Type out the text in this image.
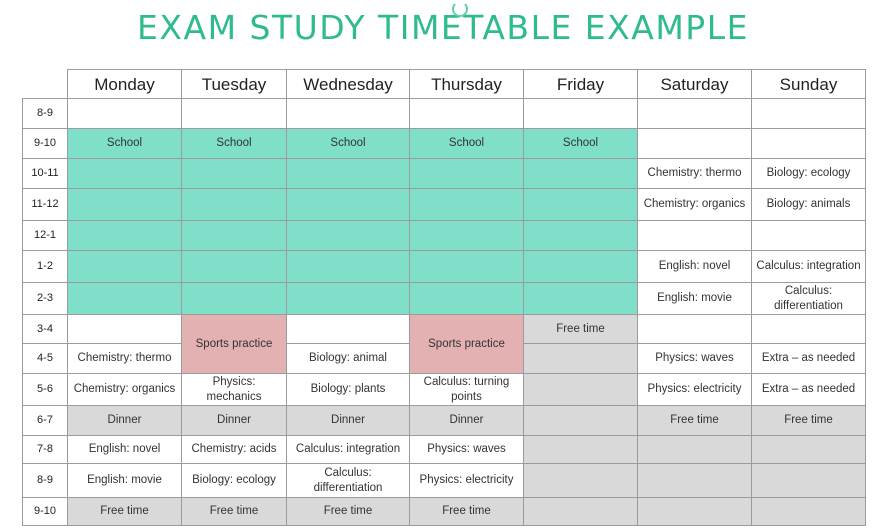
EXAM STUDY TIMETABLE EXAMPLE
	Monday	Tuesday	Wednesday	Thursday	Friday	Saturday	Sunday
8-9							
9-10	School	School	School	School	School		
10-11						Chemistry: thermo	Biology: ecology
11-12						Chemistry: organics	Biology: animals
12-1							
1-2						English: novel	Calculus: integration
2-3						English: movie	Calculus: differentiation
3-4		Sports practice		Sports practice	Free time		
4-5	Chemistry: thermo		Biology: animal			Physics: waves	Extra – as needed
5-6	Chemistry: organics	Physics: mechanics	Biology: plants	Calculus: turning points		Physics: electricity	Extra – as needed
6-7	Dinner	Dinner	Dinner	Dinner		Free time	Free time
7-8	English: novel	Chemistry: acids	Calculus: integration	Physics: waves			
8-9	English: movie	Biology: ecology	Calculus: differentiation	Physics: electricity			
9-10	Free time	Free time	Free time	Free time			
